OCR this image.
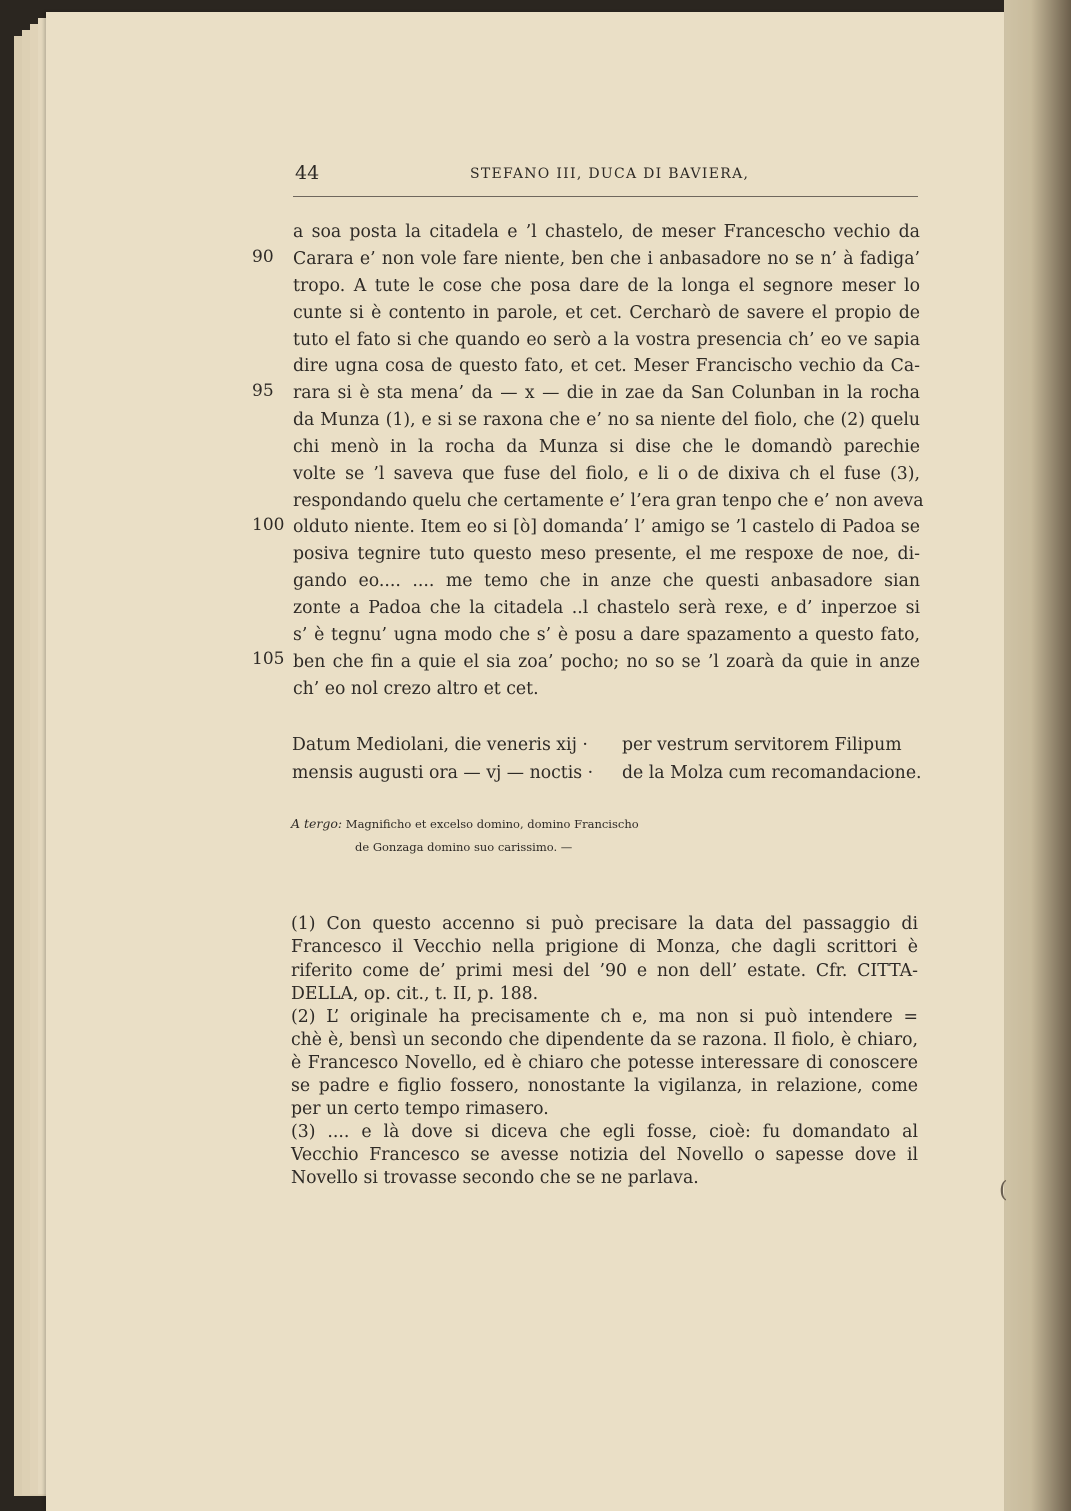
44	STEFANO III, DUCA DI BAVIERA,
90
95
100
105
a soa posta la citadela e ’l chastelo, de meser Franceschо vechio da
Carara e’ non vole fare niente, ben che i anbasadore no se n’ à fadiga’
tropo. A tute le cose che posa dare de la longa el segnore meser lo
cunte si è contento in parole, et cet. Cercharò de savere el propio de
tuto el fato si che quando eo serò a la vostra presencia ch’ eo ve sapia
dire ugna cosa de questo fato, et cet. Meser Francischo vechio da Ca-
rara si è sta mena’ da — x — die in zae da San Colunban in la rocha
da Munza (1), e si se raxona che e’ no sa niente del fiolo, che (2) quelu
chi menò in la rocha da Munza si dise che le domandò parechie
volte se ’l saveva que fuse del fiolo, e li o de dixiva ch el fuse (3),
respondando quelu che certamente e’ l’era gran tenpo che e’ non aveva
olduto niente. Item eo si [ò] domanda’ l’ amigo se ’l castelo di Padoa se
posiva tegnire tuto questo meso presente, el me respoxe de noe, di-
gando eo.... .... me temo che in anze che questi anbasadore sian
zonte a Padoa che la citadela ..l chastelo serà rexe, e d’ inperzoe si
s’ è tegnu’ ugna modo che s’ è posu a dare spazamento a questo fato,
ben che fin a quie el sia zoa’ pocho; no so se ’l zoarà da quie in anze
ch’ eo nol crezo altro et cet.
Datum Mediolani, die veneris xij ·
mensis augusti ora — vj — noctis ·
per vestrum servitorem Filipum
de la Molza cum recomandacione.
A tergo: Magnificho et excelso domino, domino Francischo
de Gonzaga domino suo carissimo. —
(1) Con questo accenno si può precisare la data del passaggio di
Francesco il Vecchio nella prigione di Monza, che dagli scrittori è
riferito come de’ primi mesi del ’90 e non dell’ estate. Cfr. CITTA-
DELLA, op. cit., t. II, p. 188.
(2) L’ originale ha precisamente ch e, ma non si può intendere =
chè è, bensì un secondo che dipendente da se razona. Il fiolo, è chiaro,
è Francesco Novello, ed è chiaro che potesse interessare di conoscere
se padre e figlio fossero, nonostante la vigilanza, in relazione, come
per un certo tempo rimasero.
(3) .... e là dove si diceva che egli fosse, cioè: fu domandato al
Vecchio Francesco se avesse notizia del Novello o sapesse dove il
Novello si trovasse secondo che se ne parlava.	(
